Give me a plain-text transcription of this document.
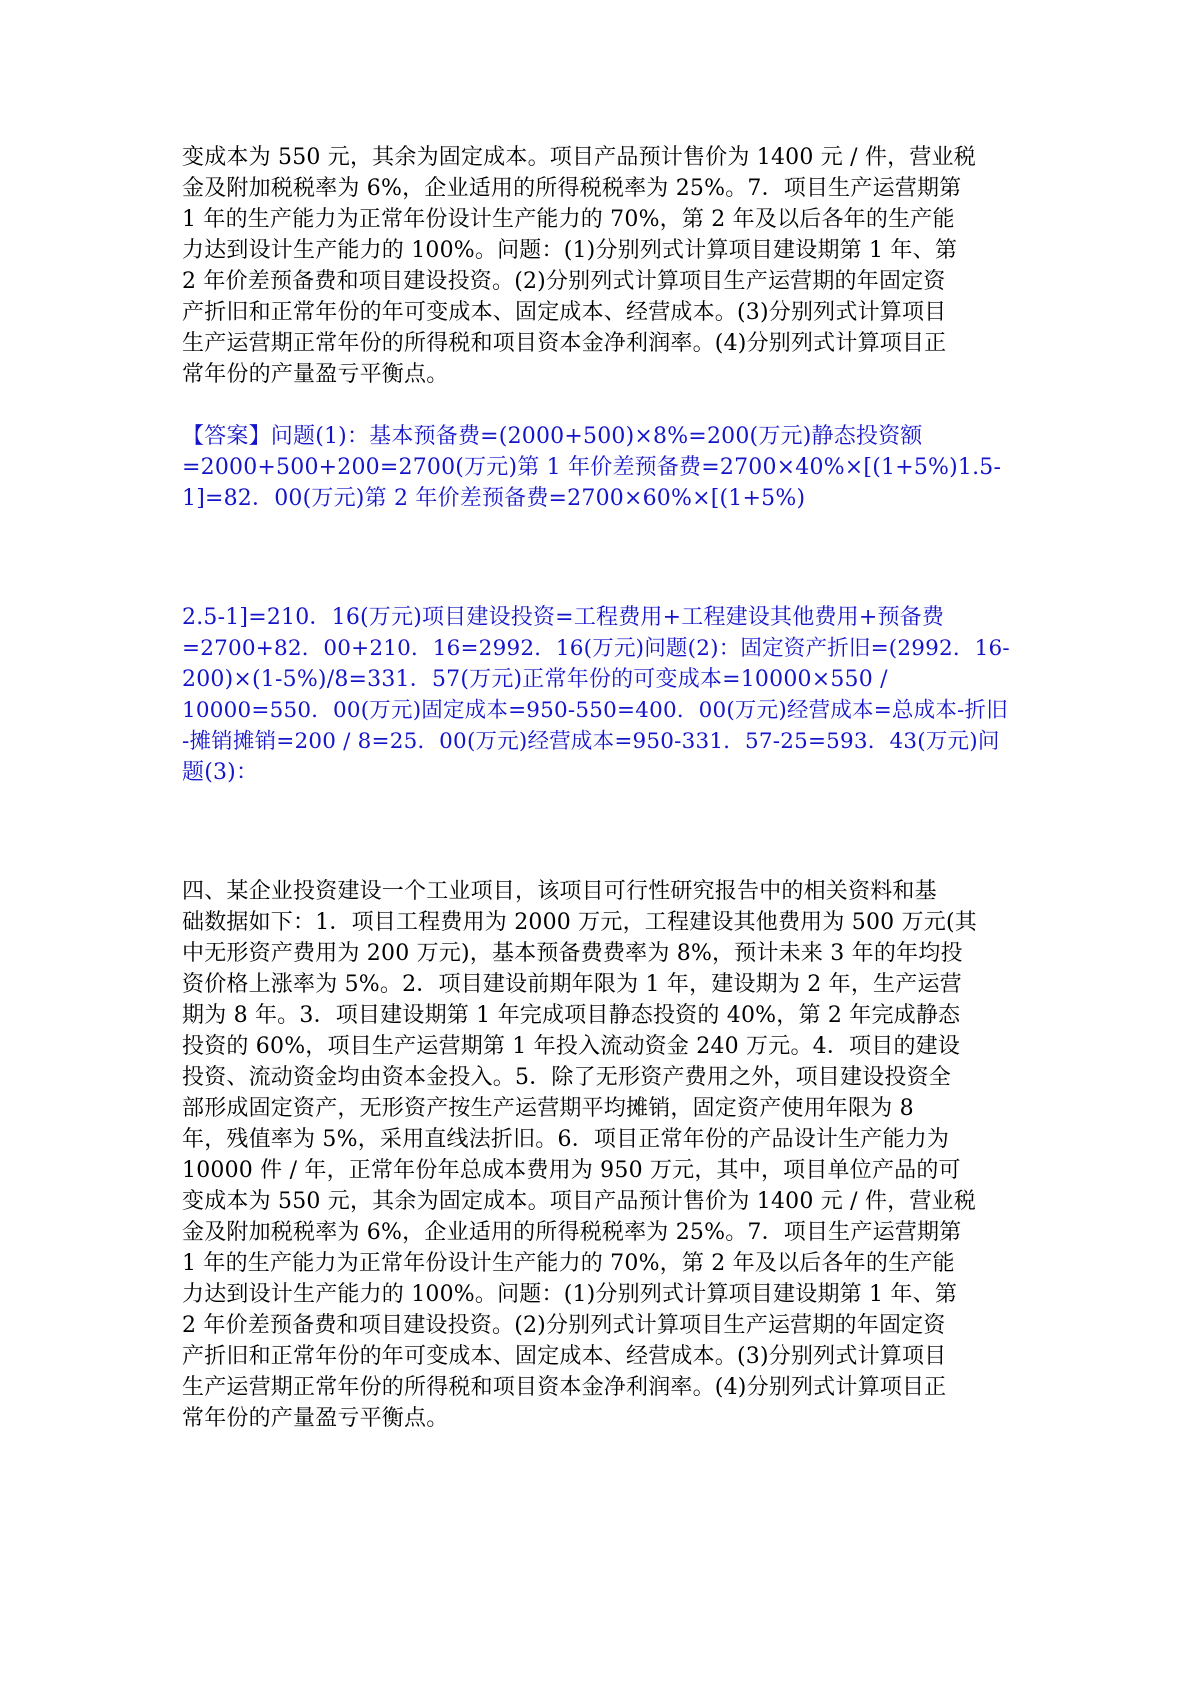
变成本为 550 元，其余为固定成本。项目产品预计售价为 1400 元 / 件，营业税
金及附加税税率为 6%，企业适用的所得税税率为 25%。7．项目生产运营期第
1 年的生产能力为正常年份设计生产能力的 70%，第 2 年及以后各年的生产能
力达到设计生产能力的 100%。问题：(1)分别列式计算项目建设期第 1 年、第
2 年价差预备费和项目建设投资。(2)分别列式计算项目生产运营期的年固定资
产折旧和正常年份的年可变成本、固定成本、经营成本。(3)分别列式计算项目
生产运营期正常年份的所得税和项目资本金净利润率。(4)分别列式计算项目正
常年份的产量盈亏平衡点。
【答案】问题(1)：基本预备费=(2000+500)×8%=200(万元)静态投资额
=2000+500+200=2700(万元)第 1 年价差预备费=2700×40%×[(1+5%)1.5-
1]=82．00(万元)第 2 年价差预备费=2700×60%×[(1+5%)
2.5-1]=210．16(万元)项目建设投资=工程费用+工程建设其他费用+预备费
=2700+82．00+210．16=2992．16(万元)问题(2)：固定资产折旧=(2992．16-
200)×(1-5%)/8=331．57(万元)正常年份的可变成本=10000×550 /
10000=550．00(万元)固定成本=950-550=400．00(万元)经营成本=总成本-折旧
-摊销摊销=200 / 8=25．00(万元)经营成本=950-331．57-25=593．43(万元)问
题(3)：
四、某企业投资建设一个工业项目，该项目可行性研究报告中的相关资料和基
础数据如下：1．项目工程费用为 2000 万元，工程建设其他费用为 500 万元(其
中无形资产费用为 200 万元)，基本预备费费率为 8%，预计未来 3 年的年均投
资价格上涨率为 5%。2．项目建设前期年限为 1 年，建设期为 2 年，生产运营
期为 8 年。3．项目建设期第 1 年完成项目静态投资的 40%，第 2 年完成静态
投资的 60%，项目生产运营期第 1 年投入流动资金 240 万元。4．项目的建设
投资、流动资金均由资本金投入。5．除了无形资产费用之外，项目建设投资全
部形成固定资产，无形资产按生产运营期平均摊销，固定资产使用年限为 8
年，残值率为 5%，采用直线法折旧。6．项目正常年份的产品设计生产能力为
10000 件 / 年，正常年份年总成本费用为 950 万元，其中，项目单位产品的可
变成本为 550 元，其余为固定成本。项目产品预计售价为 1400 元 / 件，营业税
金及附加税税率为 6%，企业适用的所得税税率为 25%。7．项目生产运营期第
1 年的生产能力为正常年份设计生产能力的 70%，第 2 年及以后各年的生产能
力达到设计生产能力的 100%。问题：(1)分别列式计算项目建设期第 1 年、第
2 年价差预备费和项目建设投资。(2)分别列式计算项目生产运营期的年固定资
产折旧和正常年份的年可变成本、固定成本、经营成本。(3)分别列式计算项目
生产运营期正常年份的所得税和项目资本金净利润率。(4)分别列式计算项目正
常年份的产量盈亏平衡点。
